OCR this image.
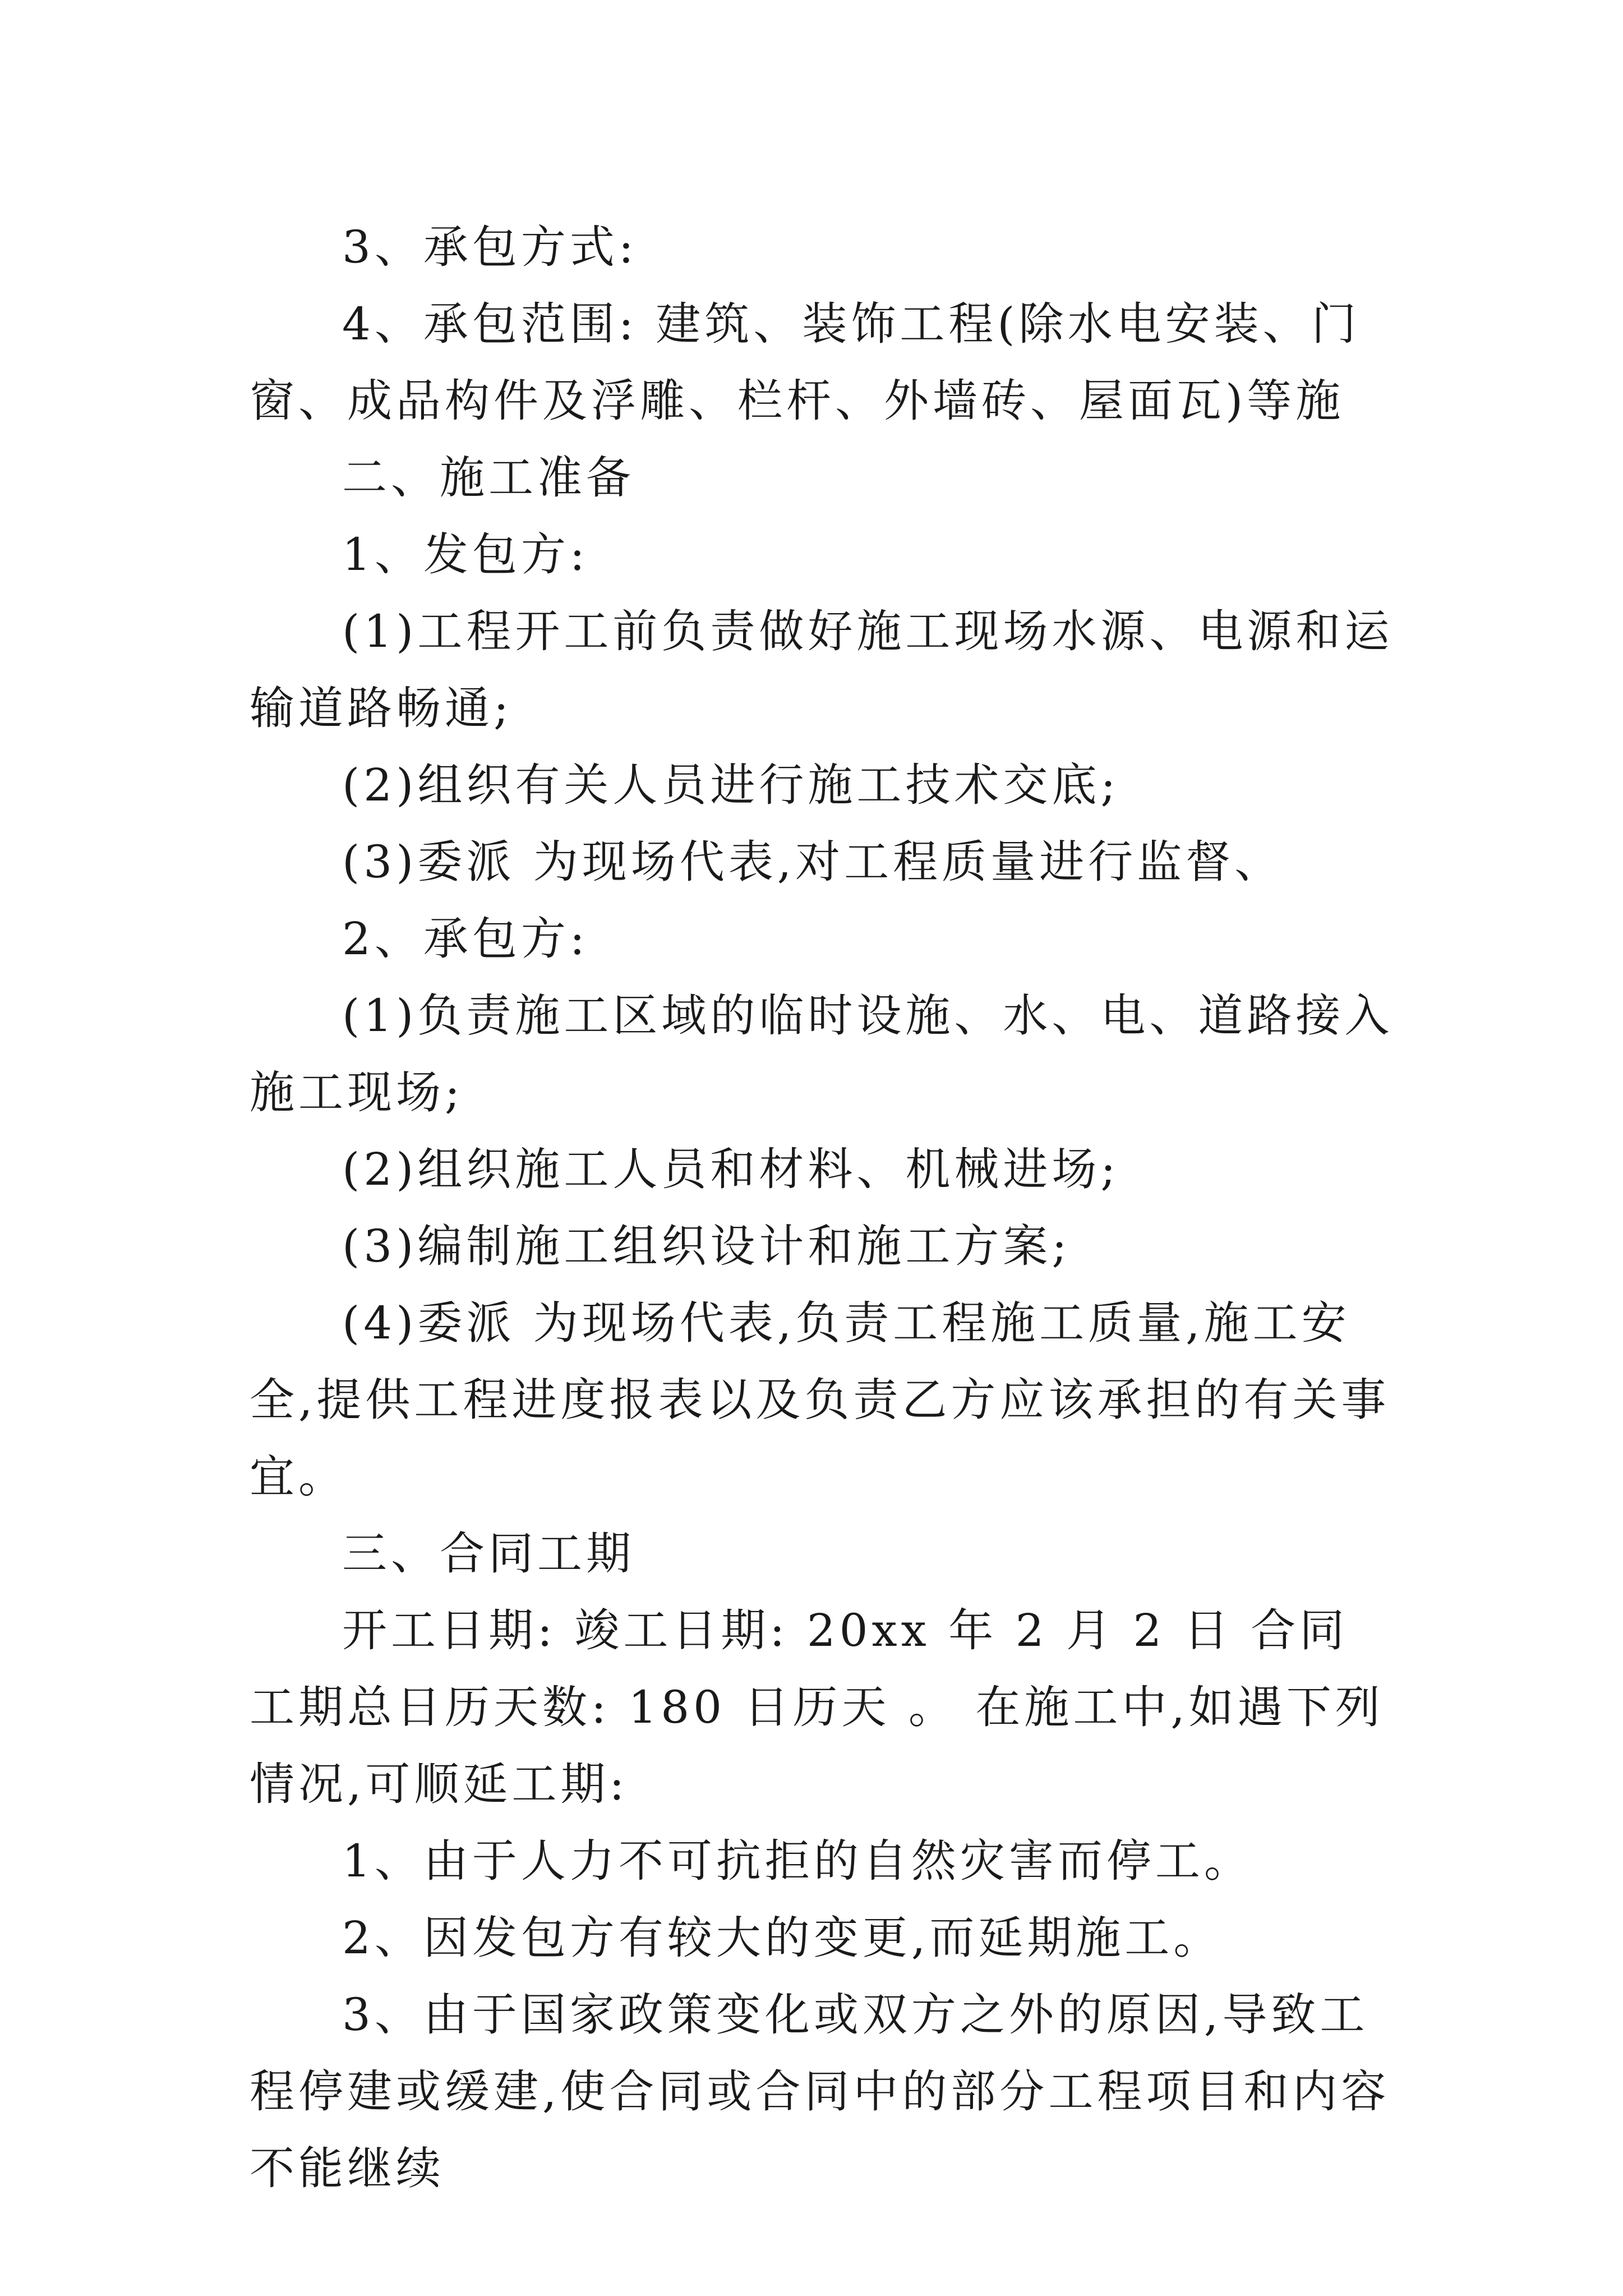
3、承包方式:

4、承包范围: 建筑、装饰工程(除水电安装、门窗、成品构件及浮雕、栏杆、外墙砖、屋面瓦)等施

二、施工准备

1、发包方:

(1)工程开工前负责做好施工现场水源、电源和运输道路畅通;

(2)组织有关人员进行施工技术交底;

(3)委派 为现场代表,对工程质量进行监督、

2、承包方:

(1)负责施工区域的临时设施、水、电、道路接入施工现场;

(2)组织施工人员和材料、机械进场;

(3)编制施工组织设计和施工方案;

(4)委派 为现场代表,负责工程施工质量,施工安全,提供工程进度报表以及负责乙方应该承担的有关事宜。

三、合同工期

开工日期: 竣工日期: 20xx 年 2 月 2 日 合同工期总日历天数: 180 日历天 。 在施工中,如遇下列情况,可顺延工期:

1、由于人力不可抗拒的自然灾害而停工。

2、因发包方有较大的变更,而延期施工。

3、由于国家政策变化或双方之外的原因,导致工程停建或缓建,使合同或合同中的部分工程项目和内容不能继续
